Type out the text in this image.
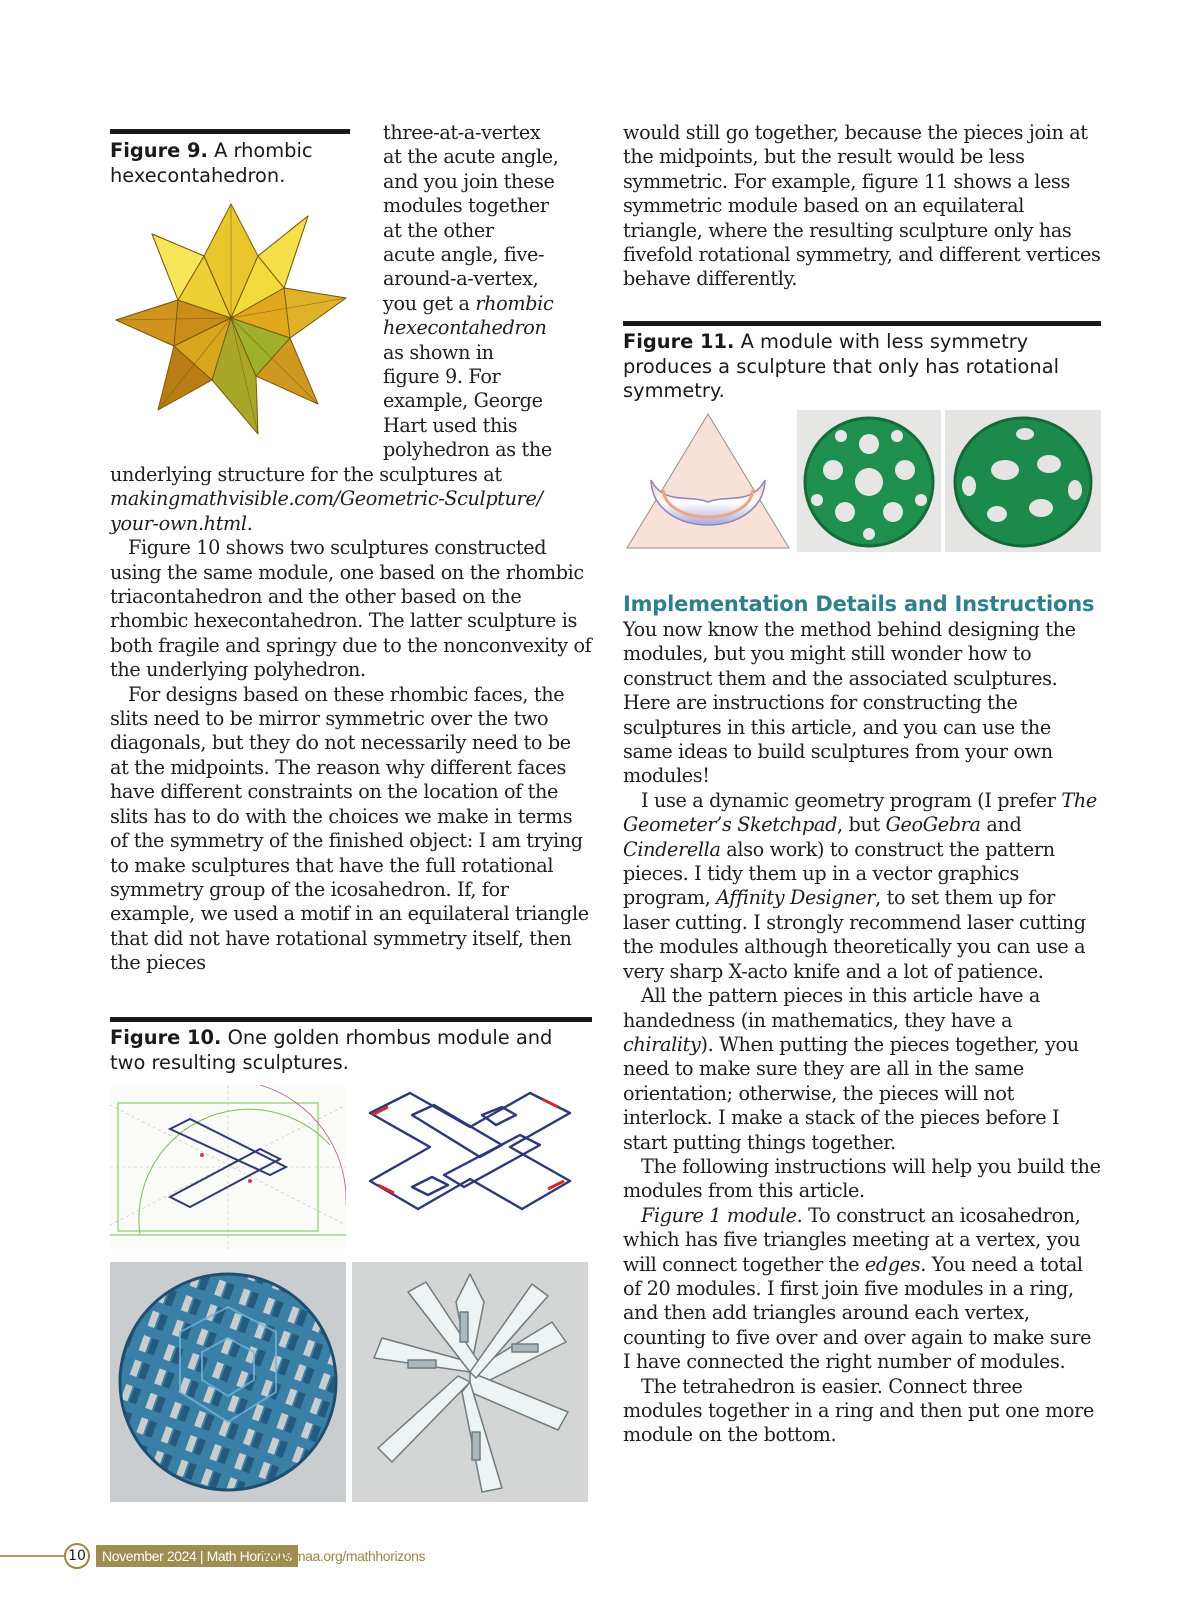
Figure 9. A rhombic hexecontahedron.
three-at-a-vertex
at the acute angle,
and you join these
modules together
at the other
acute angle, five-
around-a-vertex,
you get a rhombic
hexecontahedron
as shown in
figure 9. For
example, George
Hart used this
polyhedron as the

underlying structure for the sculptures at
makingmathvisible.com/Geometric-Sculpture/
your-own.html.

Figure 10 shows two sculptures constructed using the same module, one based on the rhombic triacontahedron and the other based on the rhombic hexecontahedron. The latter sculpture is both fragile and springy due to the nonconvexity of the underlying polyhedron.

For designs based on these rhombic faces, the slits need to be mirror symmetric over the two diagonals, but they do not necessarily need to be at the midpoints. The reason why different faces have different constraints on the location of the slits has to do with the choices we make in terms of the symmetry of the finished object: I am trying to make sculptures that have the full rotational symmetry group of the icosahedron. If, for example, we used a motif in an equilateral triangle that did not have rotational symmetry itself, then the pieces

Figure 10. One golden rhombus module and two resulting sculptures.

would still go together, because the pieces join at the midpoints, but the result would be less symmetric. For example, figure 11 shows a less symmetric module based on an equilateral triangle, where the resulting sculpture only has fivefold rotational symmetry, and different vertices behave differently.

Figure 11. A module with less symmetry produces a sculpture that only has rotational symmetry.
Implementation Details and Instructions

You now know the method behind designing the modules, but you might still wonder how to construct them and the associated sculptures. Here are instructions for constructing the sculptures in this article, and you can use the same ideas to build sculptures from your own modules!

I use a dynamic geometry program (I prefer The Geometer’s Sketchpad, but GeoGebra and Cinderella also work) to construct the pattern pieces. I tidy them up in a vector graphics program, Affinity Designer, to set them up for laser cutting. I strongly recommend laser cutting the modules although theoretically you can use a very sharp X-acto knife and a lot of patience.

All the pattern pieces in this article have a handedness (in mathematics, they have a chirality). When putting the pieces together, you need to make sure they are all in the same orientation; otherwise, the pieces will not interlock. I make a stack of the pieces before I start putting things together.

The following instructions will help you build the modules from this article.

Figure 1 module. To construct an icosahedron, which has five triangles meeting at a vertex, you will connect together the edges. You need a total of 20 modules. I first join five modules in a ring, and then add triangles around each vertex, counting to five over and over again to make sure I have connected the right number of modules.

The tetrahedron is easier. Connect three modules together in a ring and then put one more module on the bottom.

10	November 2024 | Math Horizons
www.maa.org/mathhorizons
